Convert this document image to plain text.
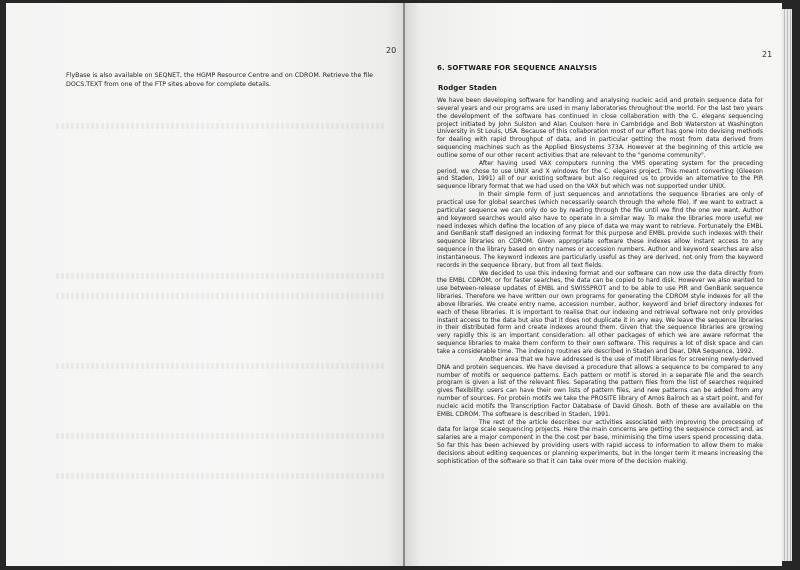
20

FlyBase is also available on SEQNET, the HGMP Resource Centre and on CDROM. Retrieve the file DOCS.TEXT from one of the FTP sites above for complete details.

21
6. SOFTWARE FOR SEQUENCE ANALYSIS
Rodger Staden

We have been developing software for handling and analysing nucleic acid and protein sequence data for several years and our programs are used in many laboratories throughout the world. For the last two years the development of the software has continued in close collaboration with the C. elegans sequencing project initiated by John Sulston and Alan Coulson here in Cambridge and Bob Waterston at Washington University in St Louis, USA. Because of this collaboration most of our effort has gone into devising methods for dealing with rapid throughput of data, and in particular getting the most from data derived from sequencing machines such as the Applied Biosystems 373A. However at the beginning of this article we outline some of our other recent activities that are relevant to the "genome community".

After having used VAX computers running the VMS operating system for the preceding period, we chose to use UNIX and X windows for the C. elegans project. This meant converting (Gleeson and Staden, 1991) all of our existing software but also required us to provide an alternative to the PIR sequence library format that we had used on the VAX but which was not supported under UNIX.

In their simple form of just sequences and annotations the sequence libraries are only of practical use for global searches (which necessarily search through the whole file). If we want to extract a particular sequence we can only do so by reading through the file until we find the one we want. Author and keyword searches would also have to operate in a similar way. To make the libraries more useful we need indexes which define the location of any piece of data we may want to retrieve. Fortunately the EMBL and GenBank staff designed an indexing format for this purpose and EMBL provide such indexes with their sequence libraries on CDROM. Given appropriate software these indexes allow instant access to any sequence in the library based on entry names or accession numbers. Author and keyword searches are also instantaneous. The keyword indexes are particularly useful as they are derived, not only from the keyword records in the sequence library, but from all text fields.

We decided to use this indexing format and our software can now use the data directly from the EMBL CDROM, or for faster searches, the data can be copied to hard disk. However we also wanted to use between-release updates of EMBL and SWISSPROT and to be able to use PIR and GenBank sequence libraries. Therefore we have written our own programs for generating the CDROM style indexes for all the above libraries. We create entry name, accession number, author, keyword and brief directory indexes for each of these libraries. It is important to realise that our indexing and retrieval software not only provides instant access to the data but also that it does not duplicate it in any way. We leave the sequence libraries in their distributed form and create indexes around them. Given that the sequence libraries are growing very rapidly this is an important consideration: all other packages of which we are aware reformat the sequence libraries to make them conform to their own software. This requires a lot of disk space and can take a considerable time. The indexing routines are described in Staden and Dear, DNA Sequence, 1992.

Another area that we have addressed is the use of motif libraries for screening newly-derived DNA and protein sequences. We have devised a procedure that allows a sequence to be compared to any number of motifs or sequence patterns. Each pattern or motif is stored in a separate file and the search program is given a list of the relevant files. Separating the pattern files from the list of searches required gives flexibility: users can have their own lists of pattern files, and new patterns can be added from any number of sources. For protein motifs we take the PROSITE library of Amos Bairoch as a start point, and for nucleic acid motifs the Transcription Factor Database of David Ghosh. Both of these are available on the EMBL CDROM. The software is described in Staden, 1991.

The rest of the article describes our activities associated with improving the processing of data for large scale sequencing projects. Here the main concerns are getting the sequence correct and, as salaries are a major component in the the cost per base, minimising the time users spend processing data. So far this has been achieved by providing users with rapid access to information to allow them to make decisions about editing sequences or planning experiments, but in the longer term it means increasing the sophistication of the software so that it can take over more of the decision making.
